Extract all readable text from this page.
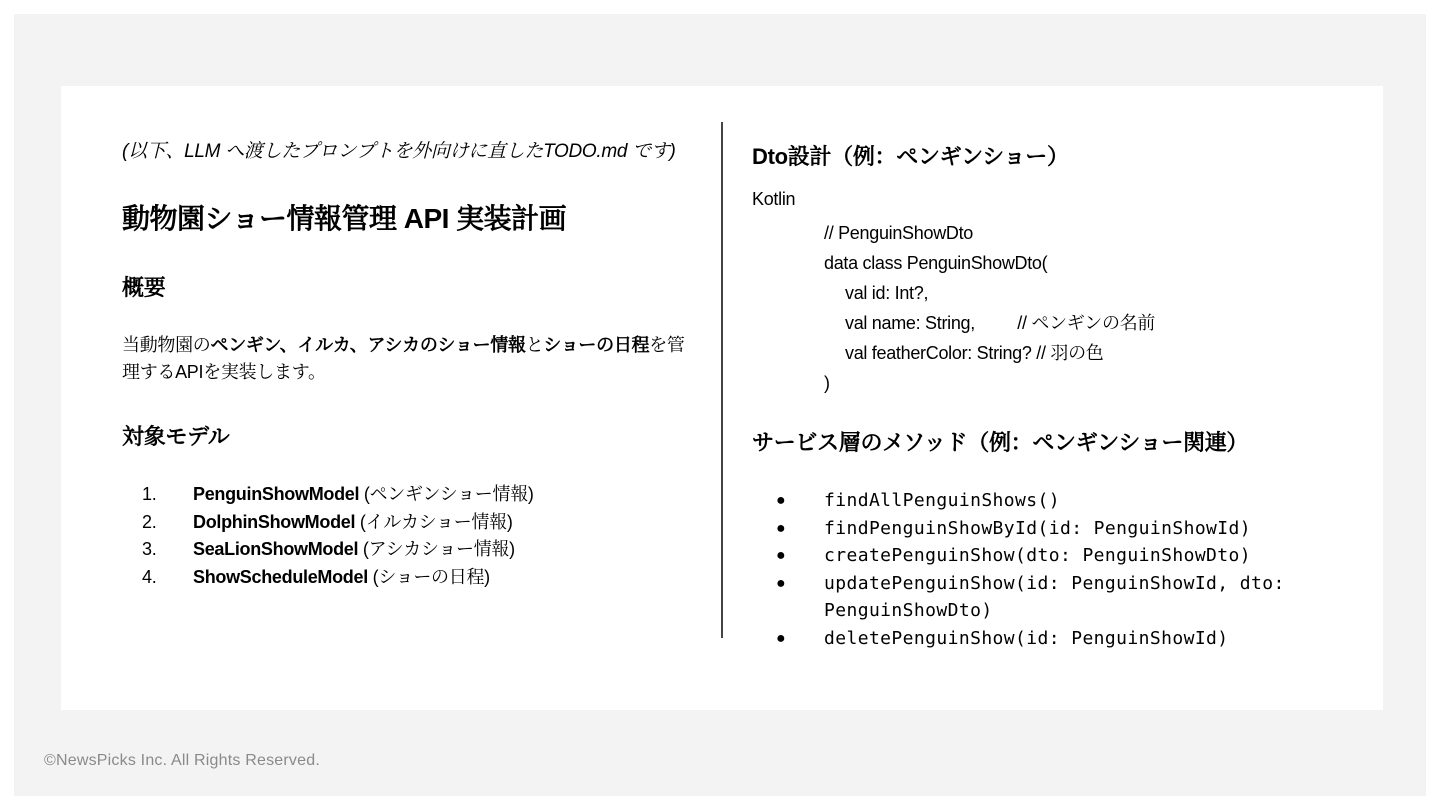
(以下、LLM へ渡したプロンプトを外向けに直したTODO.md です)

動物園ショー情報管理 API 実装計画
概要

当動物園のペンギン、イルカ、アシカのショー情報とショーの日程を管理するAPIを実装します。

対象モデル
1. PenguinShowModel (ペンギンショー情報)
2. DolphinShowModel (イルカショー情報)
3. SeaLionShowModel (アシカショー情報)
4. ShowScheduleModel (ショーの日程)
Dto設計（例：ペンギンショー）

Kotlin

// PenguinShowDto
data class PenguinShowDto(
val id: Int?,
val name: String,         // ペンギンの名前
val featherColor: String? // 羽の色
)
サービス層のメソッド（例：ペンギンショー関連）
● findAllPenguinShows()
● findPenguinShowById(id: PenguinShowId)
● createPenguinShow(dto: PenguinShowDto)
● updatePenguinShow(id: PenguinShowId, dto: PenguinShowDto)
● deletePenguinShow(id: PenguinShowId)
©NewsPicks Inc. All Rights Reserved.
